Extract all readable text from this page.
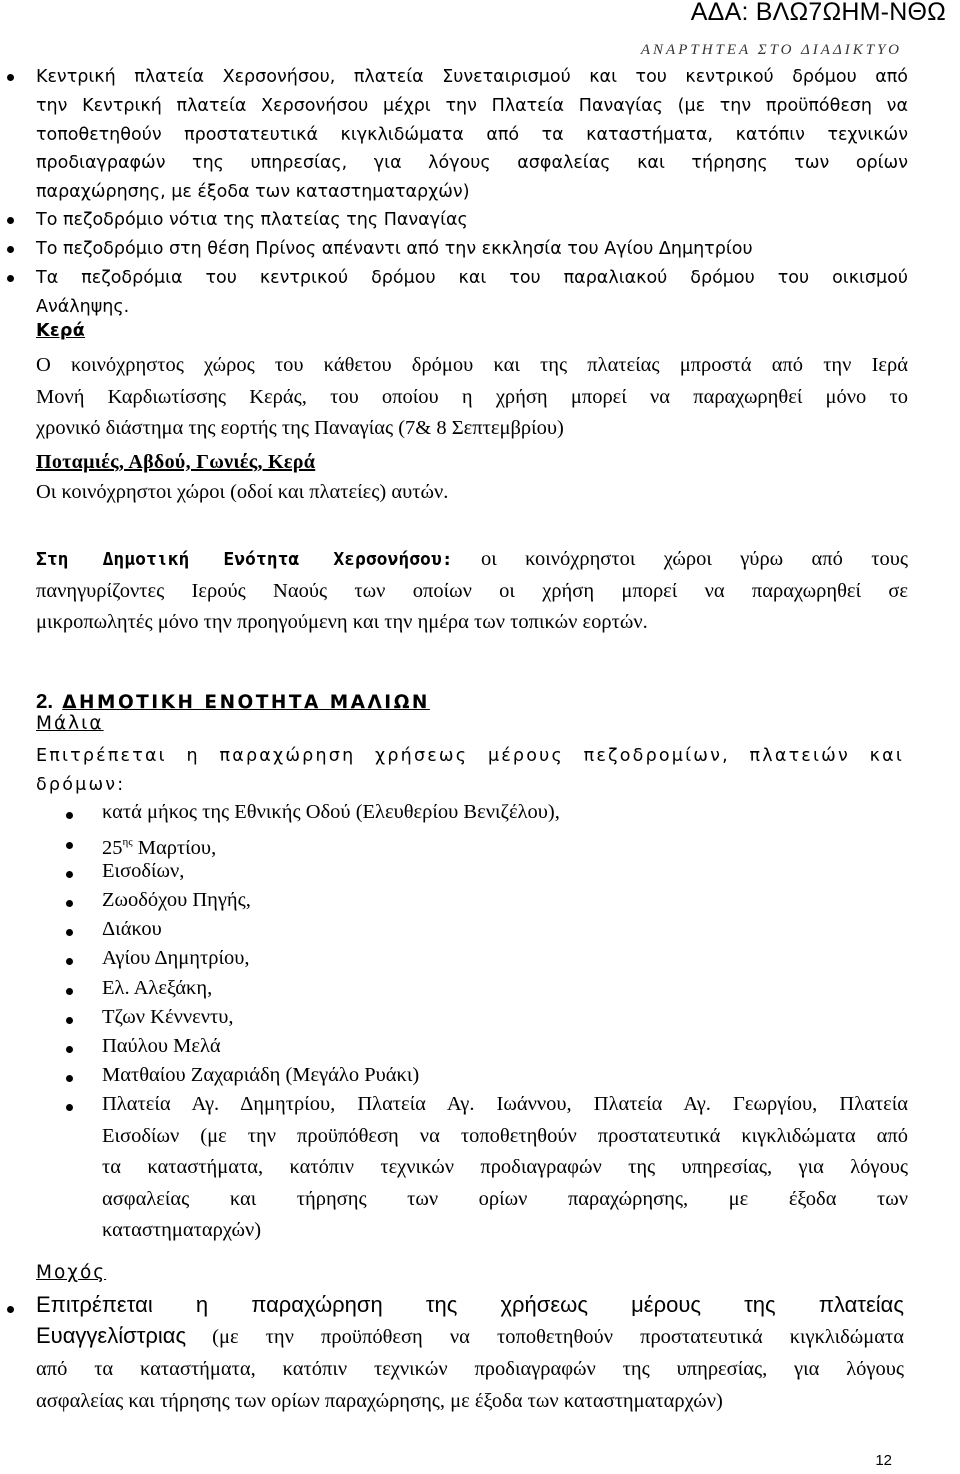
ΑΔΑ: ΒΛΩ7ΩΗΜ-ΝΘΩ
ΑΝΑΡΤΗΤΕΑ ΣΤΟ ΔΙΑΔΙΚΤΥΟ
Κεντρική πλατεία Χερσονήσου, πλατεία Συνεταιρισμού και του κεντρικού δρόμου από
την Κεντρική πλατεία Χερσονήσου μέχρι την Πλατεία Παναγίας (με την προϋπόθεση να
τοποθετηθούν προστατευτικά κιγκλιδώματα από τα καταστήματα, κατόπιν τεχνικών
προδιαγραφών της υπηρεσίας, για λόγους ασφαλείας και τήρησης των ορίων
παραχώρησης, με έξοδα των καταστηματαρχών)
Το πεζοδρόμιο νότια της πλατείας της Παναγίας
Το πεζοδρόμιο στη θέση Πρίνος απέναντι από την εκκλησία του Αγίου Δημητρίου
Τα πεζοδρόμια του κεντρικού δρόμου και του παραλιακού δρόμου του οικισμού
Ανάληψης.
Κερά
Ο κοινόχρηστος χώρος του κάθετου δρόμου και της πλατείας μπροστά από την Ιερά
Μονή Καρδιωτίσσης Κεράς, του οποίου η χρήση μπορεί να παραχωρηθεί μόνο το
χρονικό διάστημα της εορτής της Παναγίας (7& 8 Σεπτεμβρίου)
Ποταμιές, Αβδού, Γωνιές, Κερά
Οι κοινόχρηστοι χώροι (οδοί και πλατείες) αυτών.
Στη Δημοτική Ενότητα Χερσονήσου: οι κοινόχρηστοι χώροι γύρω από τους
πανηγυρίζοντες Ιερούς Ναούς των οποίων οι χρήση μπορεί να παραχωρηθεί σε
μικροπωλητές μόνο την προηγούμενη και την ημέρα των τοπικών εορτών.
2. ΔΗΜΟΤΙΚΗ ΕΝΟΤΗΤΑ ΜΑΛΙΩΝ
Μάλια
Επιτρέπεται η παραχώρηση χρήσεως μέρους πεζοδρομίων, πλατειών και
δρόμων:
κατά μήκος της Εθνικής Οδού (Ελευθερίου Βενιζέλου),
$25^{\eta\varsigma}$ Μαρτίου,
Εισοδίων,
Ζωοδόχου Πηγής,
Διάκου
Αγίου Δημητρίου,
Ελ. Αλεξάκη,
Τζων Κέννεντυ,
Παύλου Μελά
Ματθαίου Ζαχαριάδη (Μεγάλο Ρυάκι)
Πλατεία Αγ. Δημητρίου, Πλατεία Αγ. Ιωάννου, Πλατεία Αγ. Γεωργίου, Πλατεία
Εισοδίων (με την προϋπόθεση να τοποθετηθούν προστατευτικά κιγκλιδώματα από
τα καταστήματα, κατόπιν τεχνικών προδιαγραφών της υπηρεσίας, για λόγους
ασφαλείας και τήρησης των ορίων παραχώρησης, με έξοδα των
καταστηματαρχών)
Μοχός
Επιτρέπεται η παραχώρηση της χρήσεως μέρους της πλατείας
Ευαγγελίστριας (με την προϋπόθεση να τοποθετηθούν προστατευτικά κιγκλιδώματα
από τα καταστήματα, κατόπιν τεχνικών προδιαγραφών της υπηρεσίας, για λόγους
ασφαλείας και τήρησης των ορίων παραχώρησης, με έξοδα των καταστηματαρχών)
12
